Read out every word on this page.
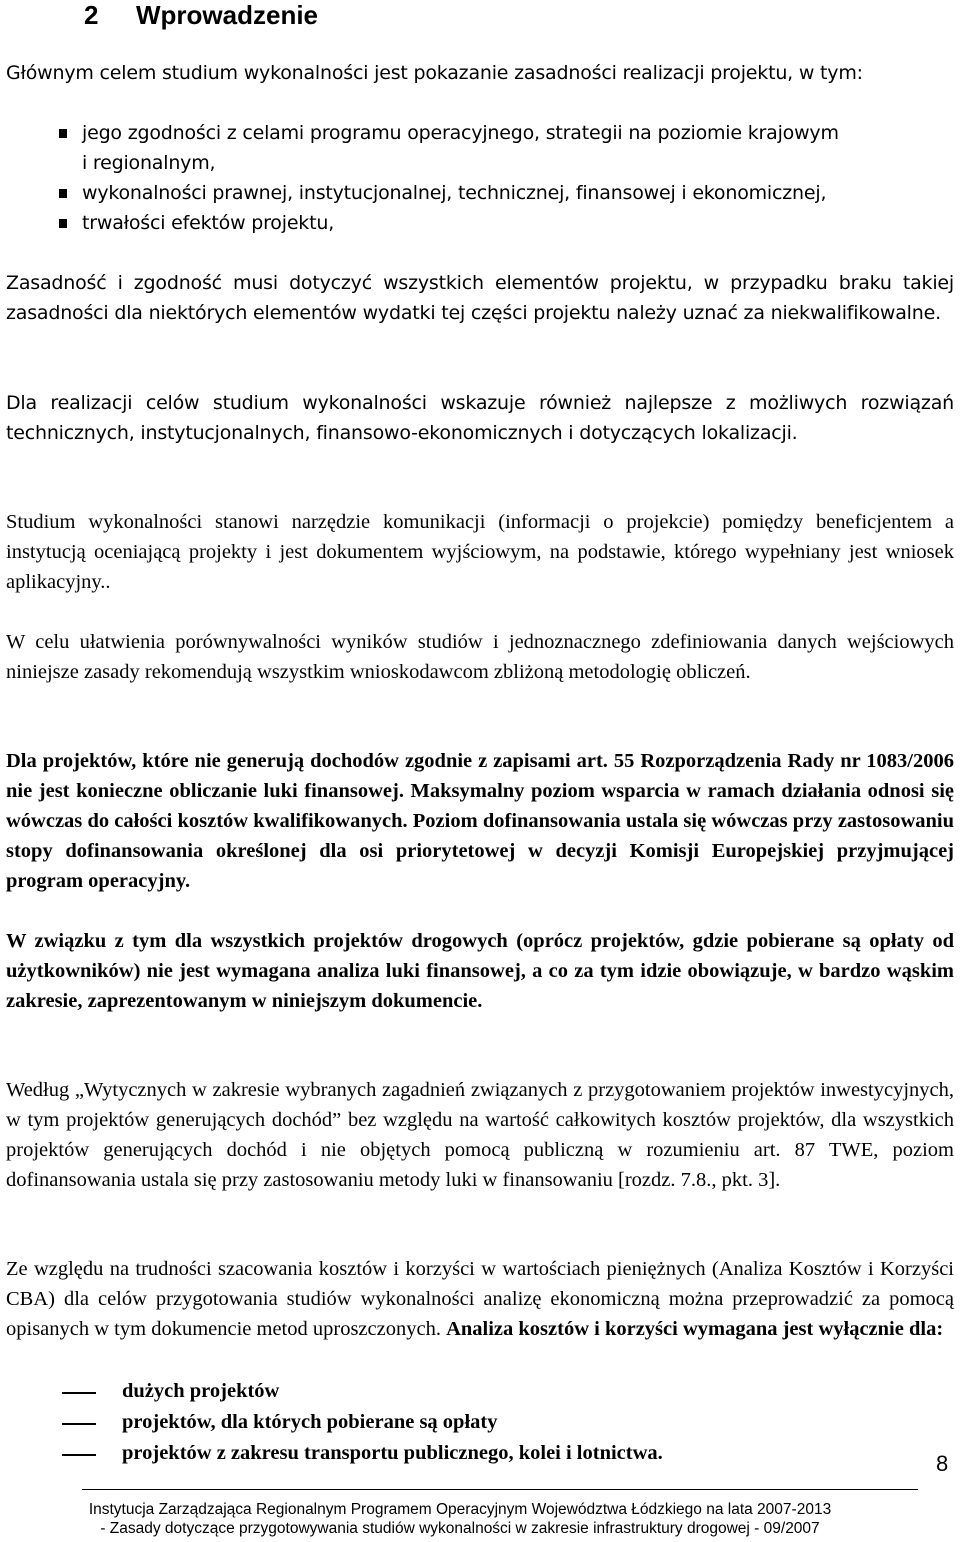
2 Wprowadzenie

Głównym celem studium wykonalności jest pokazanie zasadności realizacji projektu, w tym:

jego zgodności z celami programu operacyjnego, strategii na poziomie krajowym
i regionalnym,
wykonalności prawnej, instytucjonalnej, technicznej, finansowej i ekonomicznej,
trwałości efektów projektu,

Zasadność i zgodność musi dotyczyć wszystkich elementów projektu, w przypadku braku takiej zasadności dla niektórych elementów wydatki tej części projektu należy uznać za niekwalifikowalne.

Dla realizacji celów studium wykonalności wskazuje również najlepsze z możliwych rozwiązań technicznych, instytucjonalnych, finansowo-ekonomicznych i dotyczących lokalizacji.

Studium wykonalności stanowi narzędzie komunikacji (informacji o projekcie) pomiędzy beneficjentem a instytucją oceniającą projekty i jest dokumentem wyjściowym, na podstawie, którego wypełniany jest wniosek aplikacyjny..

W celu ułatwienia porównywalności wyników studiów i jednoznacznego zdefiniowania danych wejściowych niniejsze zasady rekomendują wszystkim wnioskodawcom zbliżoną metodologię obliczeń.

Dla projektów, które nie generują dochodów zgodnie z zapisami art. 55 Rozporządzenia Rady nr 1083/2006 nie jest konieczne obliczanie luki finansowej. Maksymalny poziom wsparcia w ramach działania odnosi się wówczas do całości kosztów kwalifikowanych. Poziom dofinansowania ustala się wówczas przy zastosowaniu stopy dofinansowania określonej dla osi priorytetowej w decyzji Komisji Europejskiej przyjmującej program operacyjny.

W związku z tym dla wszystkich projektów drogowych (oprócz projektów, gdzie pobierane są opłaty od użytkowników) nie jest wymagana analiza luki finansowej, a co za tym idzie obowiązuje, w bardzo wąskim zakresie, zaprezentowanym w niniejszym dokumencie.

Według „Wytycznych w zakresie wybranych zagadnień związanych z przygotowaniem projektów inwestycyjnych, w tym projektów generujących dochód” bez względu na wartość całkowitych kosztów projektów, dla wszystkich projektów generujących dochód i nie objętych pomocą publiczną w rozumieniu art. 87 TWE, poziom dofinansowania ustala się przy zastosowaniu metody luki w finansowaniu [rozdz. 7.8., pkt. 3].

Ze względu na trudności szacowania kosztów i korzyści w wartościach pieniężnych (Analiza Kosztów i Korzyści CBA) dla celów przygotowania studiów wykonalności analizę ekonomiczną można przeprowadzić za pomocą opisanych w tym dokumencie metod uproszczonych. Analiza kosztów i korzyści wymagana jest wyłącznie dla:

dużych projektów
projektów, dla których pobierane są opłaty
projektów z zakresu transportu publicznego, kolei i lotnictwa.
Instytucja Zarządzająca Regionalnym Programem Operacyjnym Województwa Łódzkiego na lata 2007-2013
- Zasady dotyczące przygotowywania studiów wykonalności w zakresie infrastruktury drogowej - 09/2007
8
